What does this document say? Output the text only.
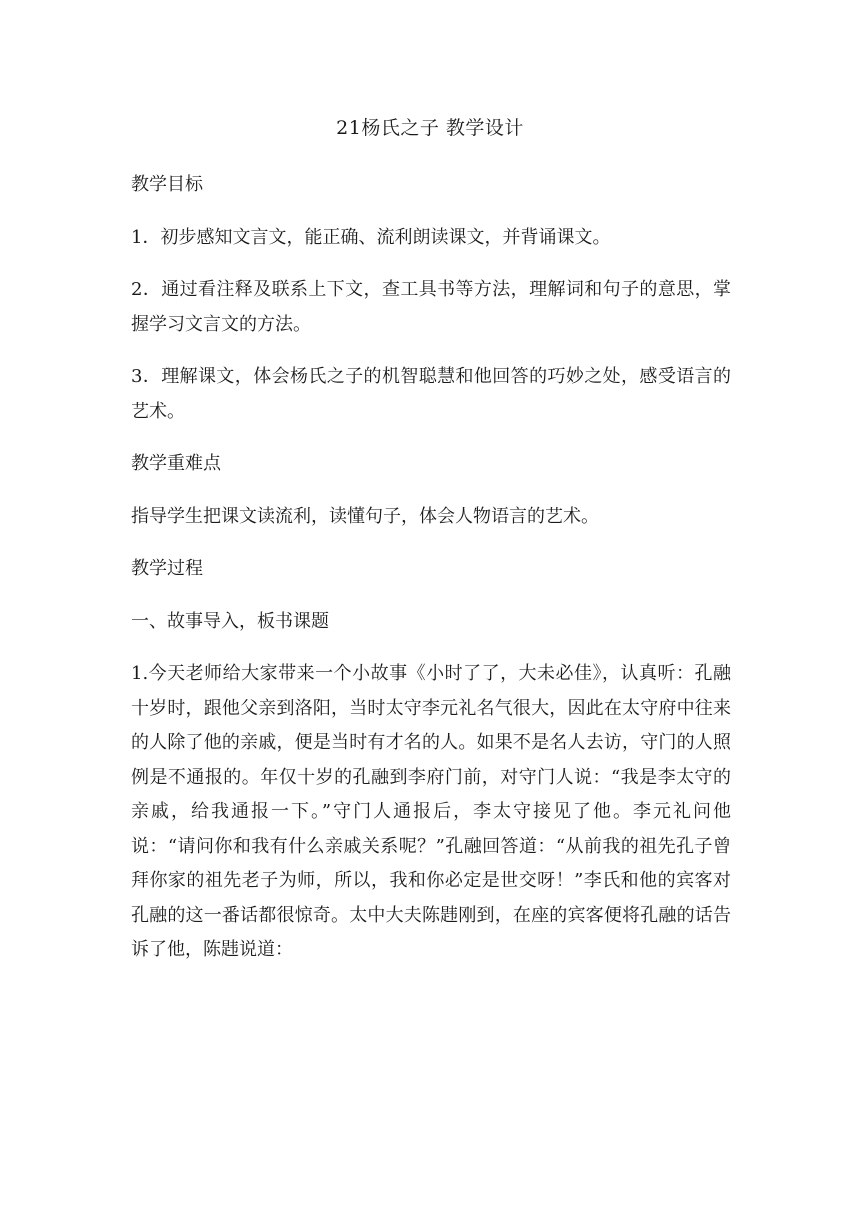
21杨氏之子 教学设计

教学目标

1．初步感知文言文，能正确、流利朗读课文，并背诵课文。

2．通过看注释及联系上下文，查工具书等方法，理解词和句子的意思，掌握学习文言文的方法。

3．理解课文，体会杨氏之子的机智聪慧和他回答的巧妙之处，感受语言的艺术。

教学重难点

指导学生把课文读流利，读懂句子，体会人物语言的艺术。

教学过程

一、故事导入，板书课题

1.今天老师给大家带来一个小故事《小时了了，大未必佳》，认真听：孔融十岁时，跟他父亲到洛阳，当时太守李元礼名气很大，因此在太守府中往来的人除了他的亲戚，便是当时有才名的人。如果不是名人去访，守门的人照例是不通报的。年仅十岁的孔融到李府门前，对守门人说：“我是李太守的亲戚，给我通报一下。”守门人通报后，李太守接见了他。李元礼问他说：“请问你和我有什么亲戚关系呢？”孔融回答道：“从前我的祖先孔子曾拜你家的祖先老子为师，所以，我和你必定是世交呀！”李氏和他的宾客对孔融的这一番话都很惊奇。太中大夫陈韪刚到，在座的宾客便将孔融的话告诉了他，陈韪说道：
